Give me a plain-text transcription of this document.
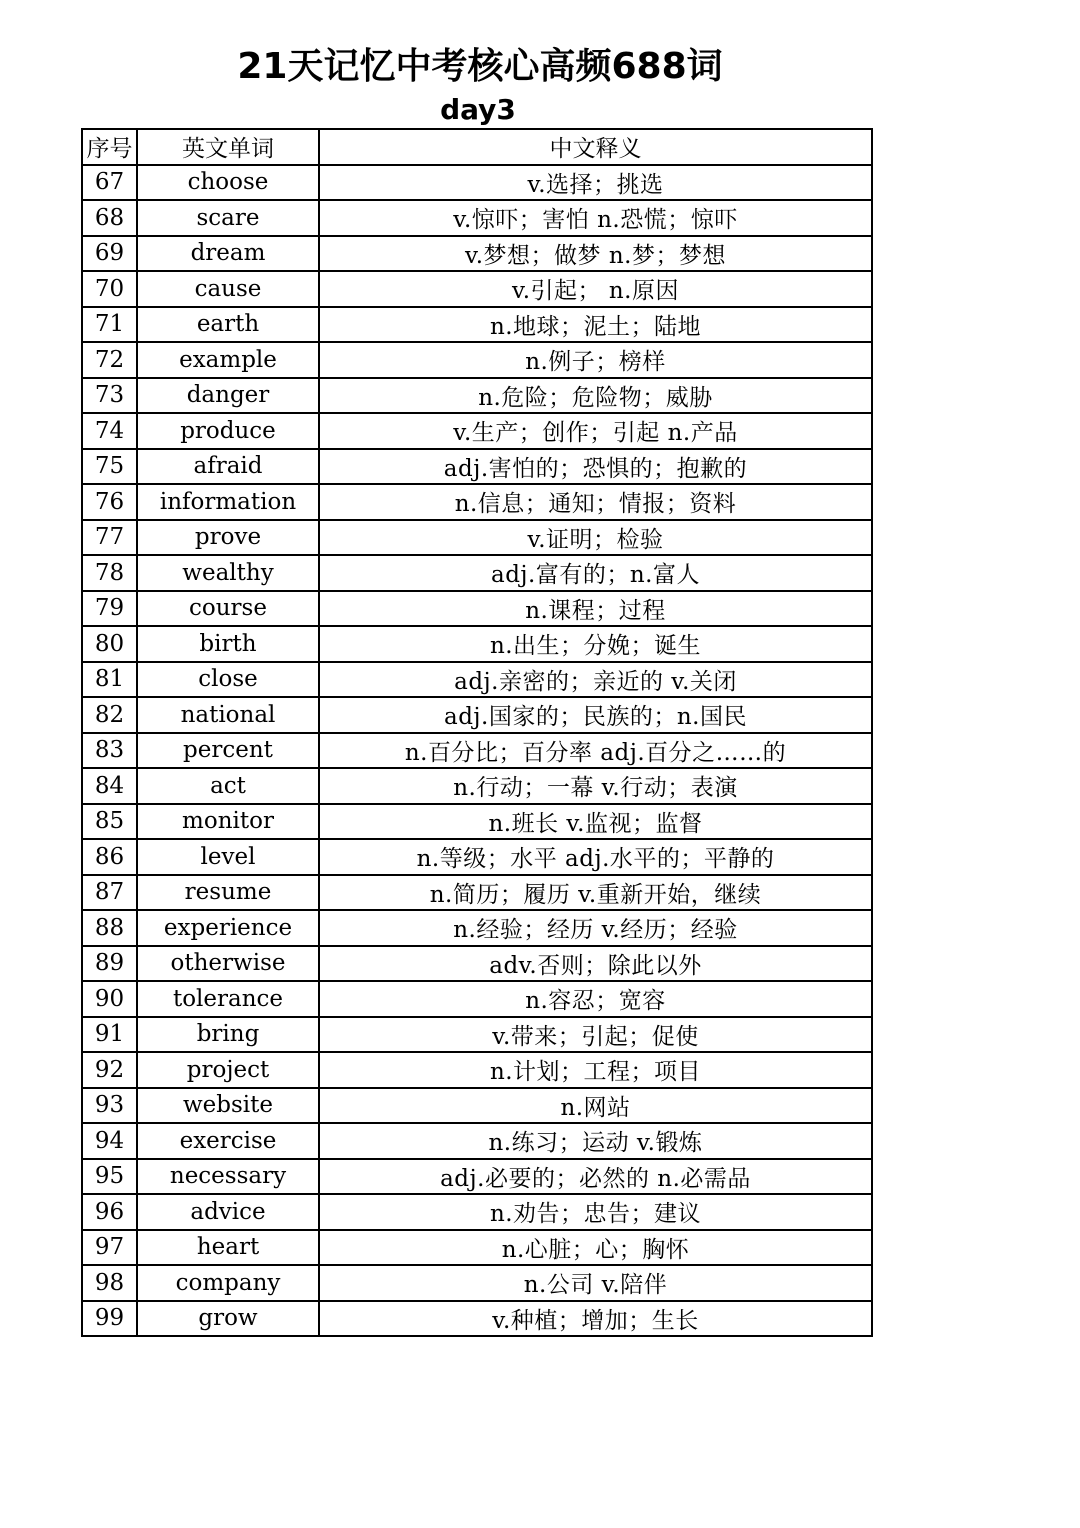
21天记忆中考核心高频688词
day3
序号	英文单词	中文释义
67	choose	v.选择；挑选
68	scare	v.惊吓；害怕 n.恐慌；惊吓
69	dream	v.梦想；做梦 n.梦；梦想
70	cause	v.引起； n.原因
71	earth	n.地球；泥土；陆地
72	example	n.例子；榜样
73	danger	n.危险；危险物；威胁
74	produce	v.生产；创作；引起 n.产品
75	afraid	adj.害怕的；恐惧的；抱歉的
76	information	n.信息；通知；情报；资料
77	prove	v.证明；检验
78	wealthy	adj.富有的；n.富人
79	course	n.课程；过程
80	birth	n.出生；分娩；诞生
81	close	adj.亲密的；亲近的 v.关闭
82	national	adj.国家的；民族的；n.国民
83	percent	n.百分比；百分率 adj.百分之……的
84	act	n.行动；一幕 v.行动；表演
85	monitor	n.班长 v.监视；监督
86	level	n.等级；水平 adj.水平的；平静的
87	resume	n.简历；履历 v.重新开始，继续
88	experience	n.经验；经历 v.经历；经验
89	otherwise	adv.否则；除此以外
90	tolerance	n.容忍；宽容
91	bring	v.带来；引起；促使
92	project	n.计划；工程；项目
93	website	n.网站
94	exercise	n.练习；运动 v.锻炼
95	necessary	adj.必要的；必然的 n.必需品
96	advice	n.劝告；忠告；建议
97	heart	n.心脏；心；胸怀
98	company	n.公司 v.陪伴
99	grow	v.种植；增加；生长
